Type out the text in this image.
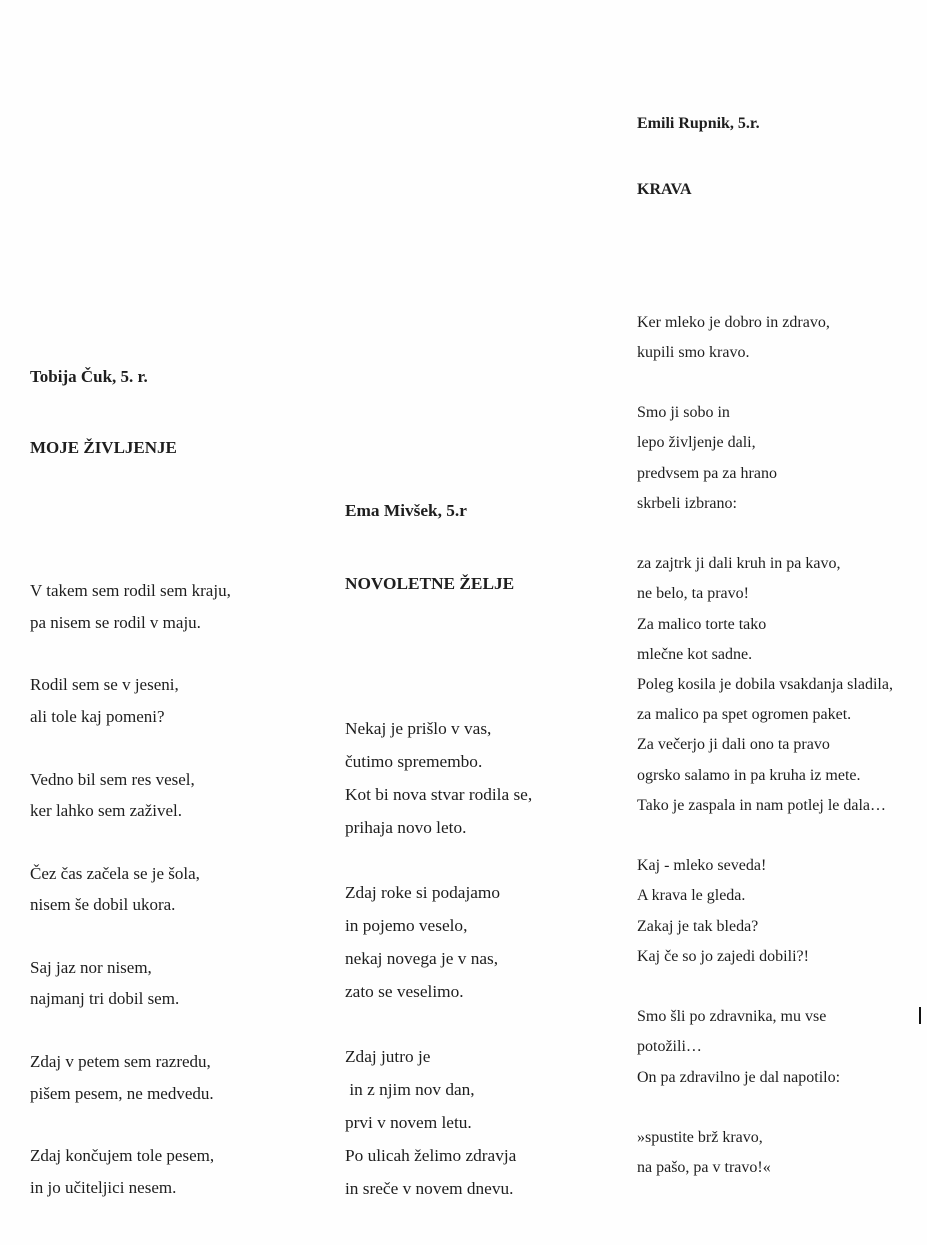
Tobija Čuk, 5. r.

MOJE ŽIVLJENJE

V takem sem rodil sem kraju,
pa nisem se rodil v maju.
Rodil sem se v jeseni,
ali tole kaj pomeni?
Vedno bil sem res vesel,
ker lahko sem zaživel.
Čez čas začela se je šola,
nisem še dobil ukora.
Saj jaz nor nisem,
najmanj tri dobil sem.
Zdaj v petem sem razredu,
pišem pesem, ne medvedu.
Zdaj končujem tole pesem,
in jo učiteljici nesem.

Ema Mivšek, 5.r

NOVOLETNE ŽELJE

Nekaj je prišlo v vas,
čutimo spremembo.
Kot bi nova stvar rodila se,
prihaja novo leto.
Zdaj roke si podajamo
in pojemo veselo,
nekaj novega je v nas,
zato se veselimo.
Zdaj jutro je
in z njim nov dan,
prvi v novem letu.
Po ulicah želimo zdravja
in sreče v novem dnevu.

Emili Rupnik, 5.r.

KRAVA

Ker mleko je dobro in zdravo,
kupili smo kravo.
Smo ji sobo in
lepo življenje dali,
predvsem pa za hrano
skrbeli izbrano:
za zajtrk ji dali kruh in pa kavo,
ne belo, ta pravo!
Za malico torte tako
mlečne kot sadne.
Poleg kosila je dobila vsakdanja sladila,
za malico pa spet ogromen paket.
Za večerjo ji dali ono ta pravo
ogrsko salamo in pa kruha iz mete.
Tako je zaspala in nam potlej le dala…
Kaj - mleko seveda!
A krava le gleda.
Zakaj je tak bleda?
Kaj če so jo zajedi dobili?!
Smo šli po zdravnika, mu vse
potožili…
On pa zdravilno je dal napotilo:
»spustite brž kravo,
na pašo, pa v travo!«
